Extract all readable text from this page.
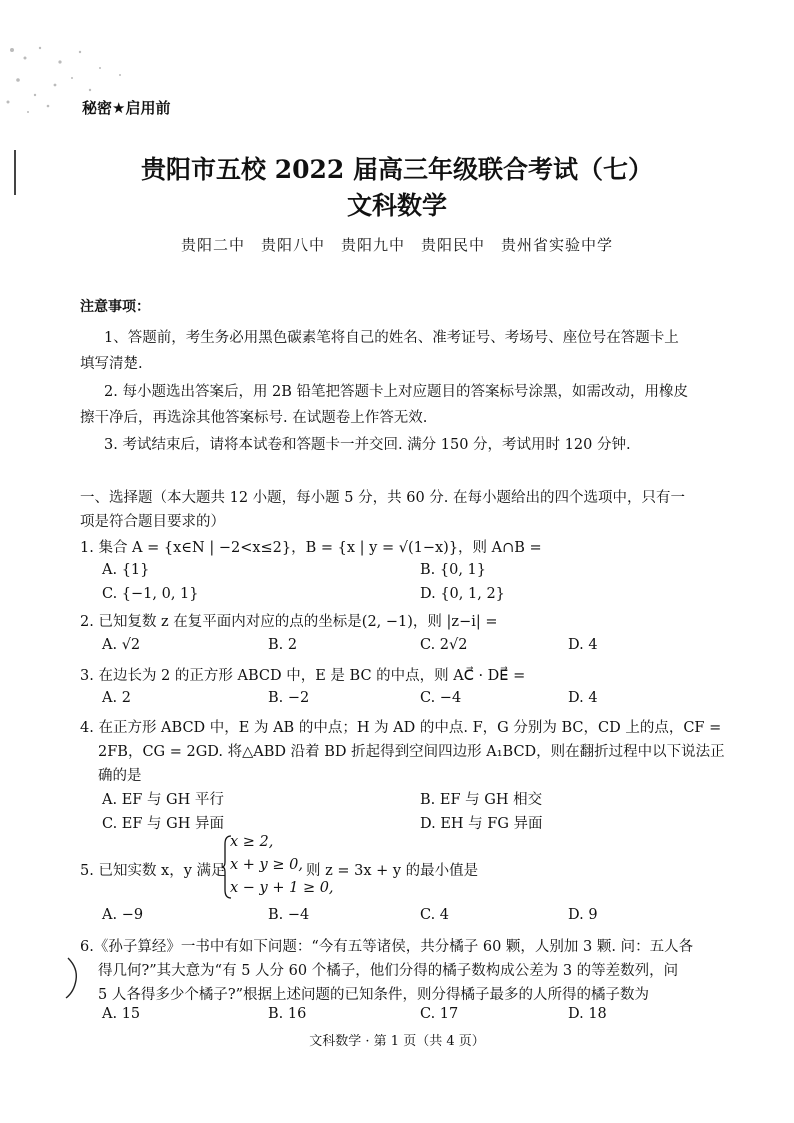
秘密★启用前
贵阳市五校 2022 届高三年级联合考试（七）
文科数学
贵阳二中　贵阳八中　贵阳九中　贵阳民中　贵州省实验中学
注意事项：
1、答题前，考生务必用黑色碳素笔将自己的姓名、准考证号、考场号、座位号在答题卡上
填写清楚.
2. 每小题选出答案后，用 2B 铅笔把答题卡上对应题目的答案标号涂黑，如需改动，用橡皮
擦干净后，再选涂其他答案标号. 在试题卷上作答无效.
3. 考试结束后，请将本试卷和答题卡一并交回. 满分 150 分，考试用时 120 分钟.
一、选择题（本大题共 12 小题，每小题 5 分，共 60 分. 在每小题给出的四个选项中，只有一
项是符合题目要求的）
1. 集合 A = {x∈N | −2<x≤2}，B = {x | y = √(1−x)}，则 A∩B =
A. {1}	B. {0, 1}
C. {−1, 0, 1}	D. {0, 1, 2}
2. 已知复数 z 在复平面内对应的点的坐标是(2, −1)，则 |z−i| =
A. √2	B. 2	C. 2√2	D. 4
3. 在边长为 2 的正方形 ABCD 中，E 是 BC 的中点，则 AC⃗ · DE⃗ =
A. 2	B. −2	C. −4	D. 4
4. 在正方形 ABCD 中，E 为 AB 的中点；H 为 AD 的中点. F，G 分别为 BC，CD 上的点，CF =
2FB，CG = 2GD. 将△ABD 沿着 BD 折起得到空间四边形 A₁BCD，则在翻折过程中以下说法正
确的是
A. EF 与 GH 平行	B. EF 与 GH 相交
C. EF 与 GH 异面	D. EH 与 FG 异面
5. 已知实数 x，y 满足
x ≥ 2,
x + y ≥ 0,
x − y + 1 ≥ 0,
则 z = 3x + y 的最小值是
A. −9	B. −4	C. 4	D. 9
6.《孙子算经》一书中有如下问题：“今有五等诸侯，共分橘子 60 颗，人别加 3 颗. 问：五人各
得几何?”其大意为“有 5 人分 60 个橘子，他们分得的橘子数构成公差为 3 的等差数列，问
5 人各得多少个橘子?”根据上述问题的已知条件，则分得橘子最多的人所得的橘子数为
A. 15	B. 16	C. 17	D. 18
文科数学 · 第 1 页（共 4 页）
